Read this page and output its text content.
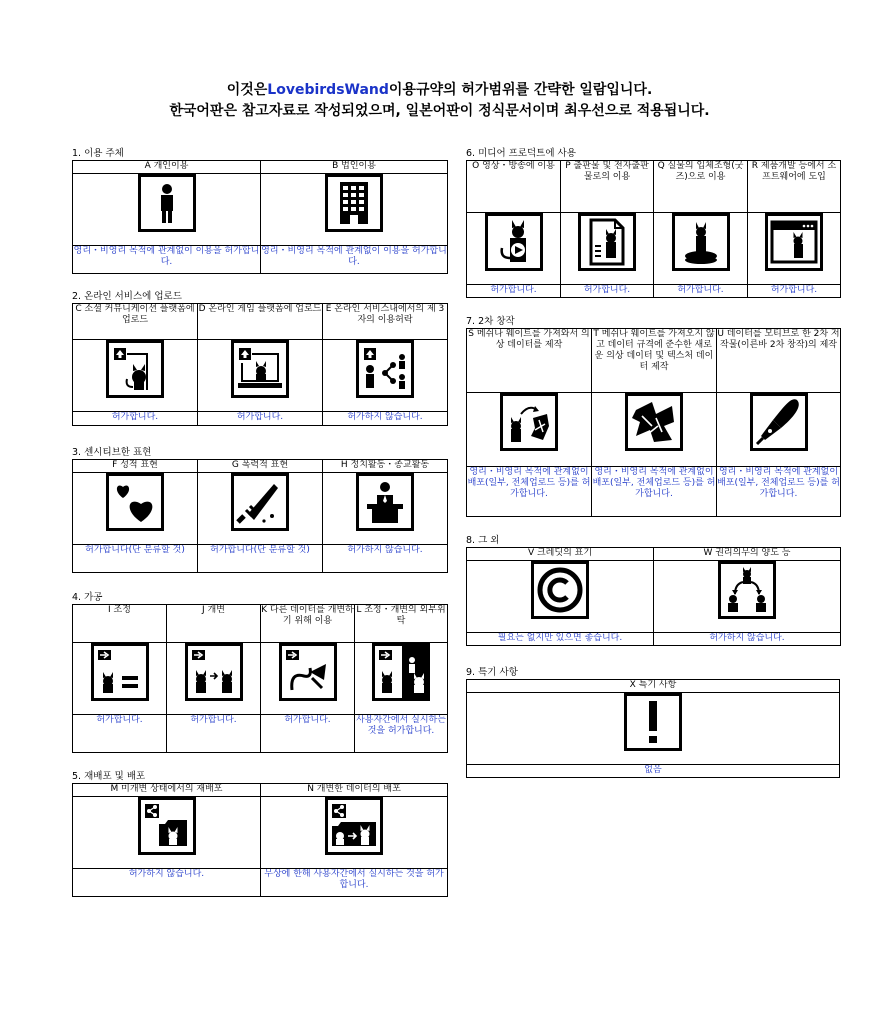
이것은LovebirdsWand이용규약의 허가범위를 간략한 일람입니다.
한국어판은 참고자료로 작성되었으며, 일본어판이 정식문서이며 최우선으로 적용됩니다.
1. 이용 주체
A 개인이용	B 법인이용

영리・비영리 목적에 관계없이 이용을 허가합니다.	영리・비영리 목적에 관계없이 이용을 허가합니다.
2. 온라인 서비스에 업로드
C 소셜 커뮤니케이션 플랫폼에 업로드	D 온라인 게임 플랫폼에 업로드	E 온라인 서비스내에서의 제 3자의 이용허락

허가합니다.	허가합니다.	허가하지 않습니다.
3. 센시티브한 표현
F 성적 표현	G 폭력적 표현	H 정치활동・종교활동

허가합니다(단 분류할 것)	허가합니다(단 분류할 것)	허가하지 않습니다.
4. 가공
I 조정	J 개변	K 다른 데이터를 개변하기 위해 이용	L 조정・개변의 외부위탁

허가합니다.	허가합니다.	허가합니다.	사용자간에서 실시하는 것을 허가합니다.
5. 재배포 및 배포
M 미개변 상태에서의 재배포	N 개변한 데이터의 배포

허가하지 않습니다.	무상에 한해 사용자간에서 실시하는 것을 허가합니다.
6. 미디어 프로덕트에 사용
O 영상・방송에 이용	P 출판물 및 전자출판물로의 이용	Q 실물의 입체조형(굿즈)으로 이용	R 제품개발 등에서 소프트웨어에 도입

허가합니다.	허가합니다.	허가합니다.	허가합니다.
7. 2차 창작
S 메쉬나 웨이트를 가져와서 의상 데이터를 제작	T 메쉬나 웨이트를 가져오지 않고 데이터 규격에 준수한 새로운 의상 데이터 및 텍스처 데이터 제작	U 데이터를 모티브로 한 2차 저작물(이른바 2차 창작)의 제작

영리・비영리 목적에 관계없이 배포(일부, 전체업로드 등)를 허가합니다.	영리・비영리 목적에 관계없이 배포(일부, 전체업로드 등)를 허가합니다.	영리・비영리 목적에 관계없이 배포(일부, 전체업로드 등)를 허가합니다.
8. 그 외
V 크레딧의 표기	W 권리의무의 양도 등

필요는 없지만 있으면 좋습니다.	허가하지 않습니다.
9. 특기 사항
X 특기 사항

없음
